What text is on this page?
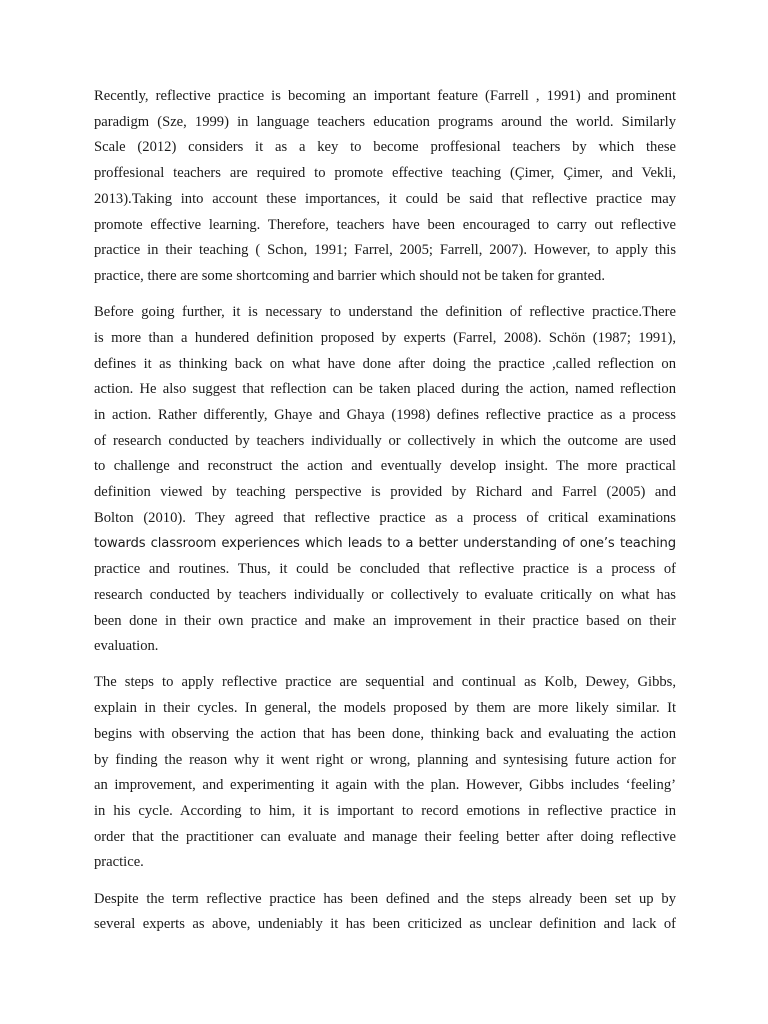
Recently, reflective practice is becoming an important feature (Farrell , 1991) and prominent
paradigm (Sze, 1999) in language teachers education programs around the world. Similarly
Scale (2012) considers it as a key to become proffesional teachers by which these
proffesional teachers are required to promote effective teaching (Çimer, Çimer, and Vekli,
2013).Taking into account these importances, it could be said that reflective practice may
promote effective learning. Therefore, teachers have been encouraged to carry out reflective
practice in their teaching ( Schon, 1991; Farrel, 2005; Farrell, 2007). However, to apply this
practice, there are some shortcoming and barrier which should not be taken for granted.

Before going further, it is necessary to understand the definition of reflective practice.There
is more than a hundered definition proposed by experts (Farrel, 2008). Schön (1987; 1991),
defines it as thinking back on what have done after doing the practice ,called reflection on
action. He also suggest that reflection can be taken placed during the action, named reflection
in action. Rather differently, Ghaye and Ghaya (1998) defines reflective practice as a process
of research conducted by teachers individually or collectively in which the outcome are used
to challenge and reconstruct the action and eventually develop insight. The more practical
definition viewed by teaching perspective is provided by Richard and Farrel (2005) and
Bolton (2010). They agreed that reflective practice as a process of critical examinations
towards classroom experiences which leads to a better understanding of one’s teaching
practice and routines. Thus, it could be concluded that reflective practice is a process of
research conducted by teachers individually or collectively to evaluate critically on what has
been done in their own practice and make an improvement in their practice based on their
evaluation.

The steps to apply reflective practice are sequential and continual as Kolb, Dewey, Gibbs,
explain in their cycles. In general, the models proposed by them are more likely similar. It
begins with observing the action that has been done, thinking back and evaluating the action
by finding the reason why it went right or wrong, planning and syntesising future action for
an improvement, and experimenting it again with the plan. However, Gibbs includes ‘feeling’
in his cycle. According to him, it is important to record emotions in reflective practice in
order that the practitioner can evaluate and manage their feeling better after doing reflective
practice.

Despite the term reflective practice has been defined and the steps already been set up by
several experts as above, undeniably it has been criticized as unclear definition and lack of
